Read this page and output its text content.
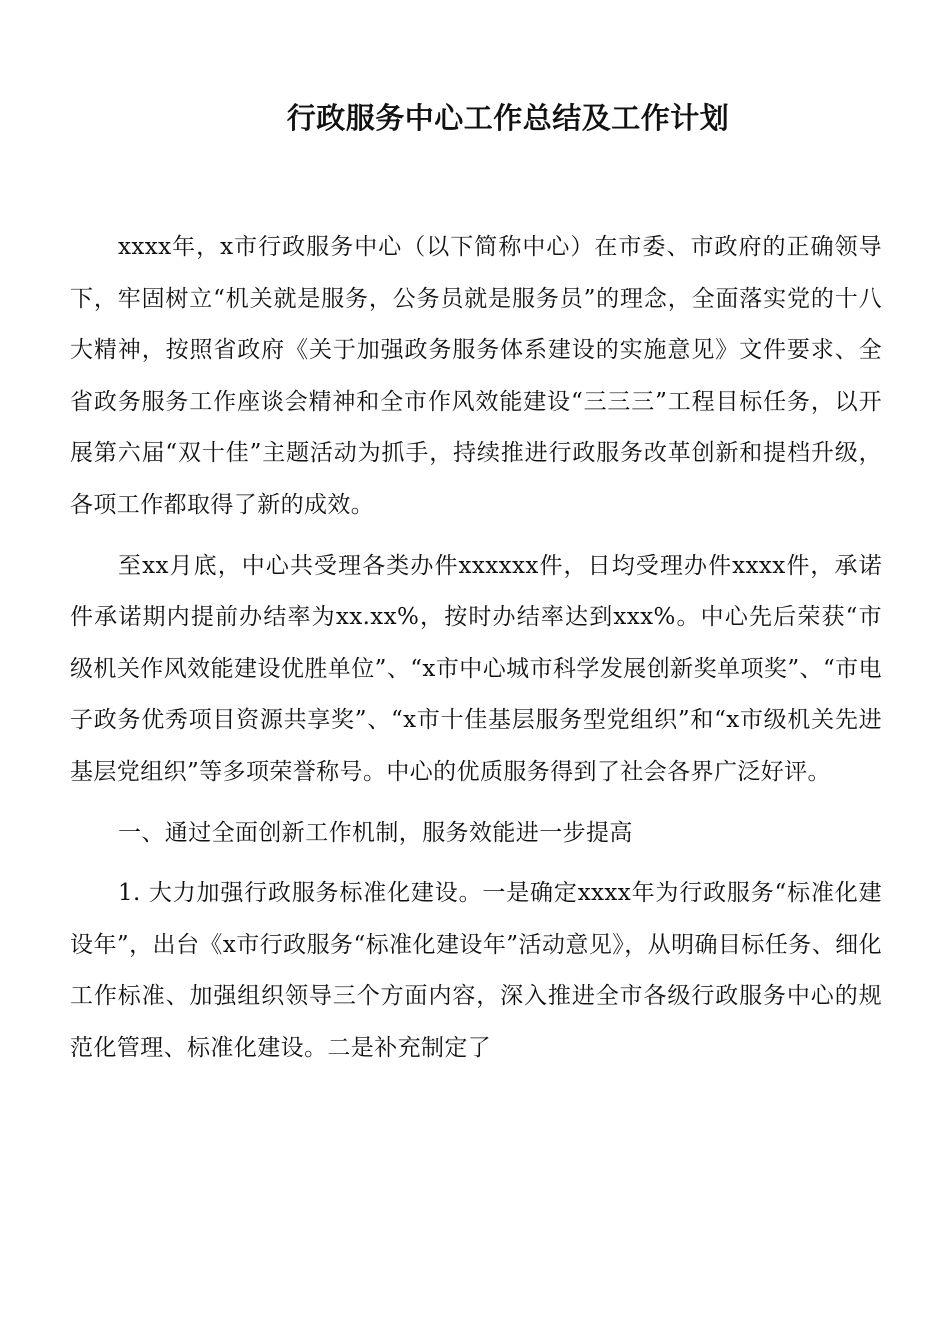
行政服务中心工作总结及工作计划

xxxx年，x市行政服务中心（以下简称中心）在市委、市政府的正确领导下，牢固树立“机关就是服务，公务员就是服务员”的理念，全面落实党的十八大精神，按照省政府《关于加强政务服务体系建设的实施意见》文件要求、全省政务服务工作座谈会精神和全市作风效能建设“三三三”工程目标任务，以开展第六届“双十佳”主题活动为抓手，持续推进行政服务改革创新和提档升级，各项工作都取得了新的成效。

至xx月底，中心共受理各类办件xxxxxx件，日均受理办件xxxx件，承诺件承诺期内提前办结率为xx.xx%，按时办结率达到xxx%。中心先后荣获“市级机关作风效能建设优胜单位”、“x市中心城市科学发展创新奖单项奖”、“市电子政务优秀项目资源共享奖”、“x市十佳基层服务型党组织”和“x市级机关先进基层党组织”等多项荣誉称号。中心的优质服务得到了社会各界广泛好评。

一、通过全面创新工作机制，服务效能进一步提高

1. 大力加强行政服务标准化建设。一是确定xxxx年为行政服务“标准化建设年”，出台《x市行政服务“标准化建设年”活动意见》，从明确目标任务、细化工作标准、加强组织领导三个方面内容，深入推进全市各级行政服务中心的规范化管理、标准化建设。二是补充制定了
